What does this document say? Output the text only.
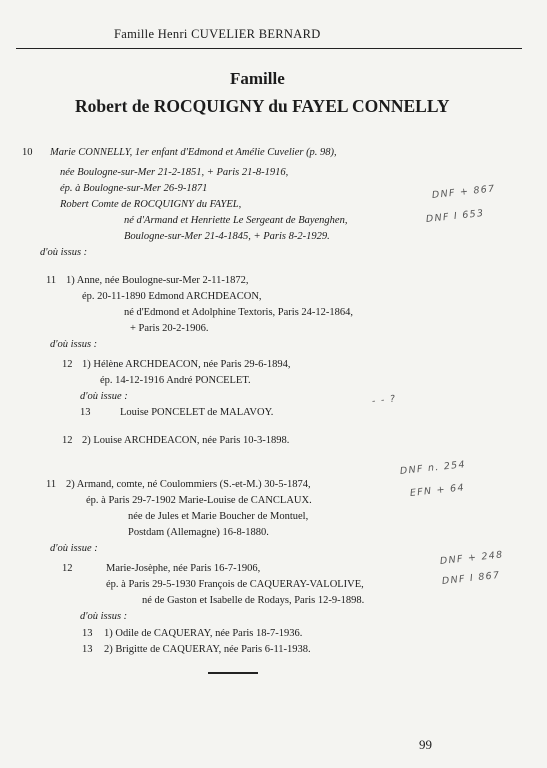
Famille Henri CUVELIER BERNARD
Famille
Robert de ROCQUIGNY du FAYEL CONNELLY
10 Marie CONNELLY, 1er enfant d'Edmond et Amélie Cuvelier (p. 98),
née Boulogne-sur-Mer 21-2-1851, + Paris 21-8-1916,
ép. à Boulogne-sur-Mer 26-9-1871
Robert Comte de ROCQUIGNY du FAYEL,
né d'Armand et Henriette Le Sergeant de Bayenghen,
Boulogne-sur-Mer 21-4-1845, + Paris 8-2-1929.
d'où issus :
11 1) Anne, née Boulogne-sur-Mer 2-11-1872,
ép. 20-11-1890 Edmond ARCHDEACON,
né d'Edmond et Adolphine Textoris, Paris 24-12-1864,
+ Paris 20-2-1906.
d'où issus :
12 1) Hélène ARCHDEACON, née Paris 29-6-1894,
ép. 14-12-1916 André PONCELET.
d'où issue :
13	Louise PONCELET de MALAVOY.
12 2) Louise ARCHDEACON, née Paris 10-3-1898.
11 2) Armand, comte, né Coulommiers (S.-et-M.) 30-5-1874,
ép. à Paris 29-7-1902 Marie-Louise de CANCLAUX.
née de Jules et Marie Boucher de Montuel,
Postdam (Allemagne) 16-8-1880.
d'où issue :
12	Marie-Josèphe, née Paris 16-7-1906,
ép. à Paris 29-5-1930 François de CAQUERAY-VALOLIVE,
né de Gaston et Isabelle de Rodays, Paris 12-9-1898.
d'où issus :
13 1) Odile de CAQUERAY, née Paris 18-7-1936.
13 2) Brigitte de CAQUERAY, née Paris 6-11-1938.
DNF + 867
DNF I 653
- - ?
DNF n. 254
EFN + 64
DNF + 248
DNF I 867
99
